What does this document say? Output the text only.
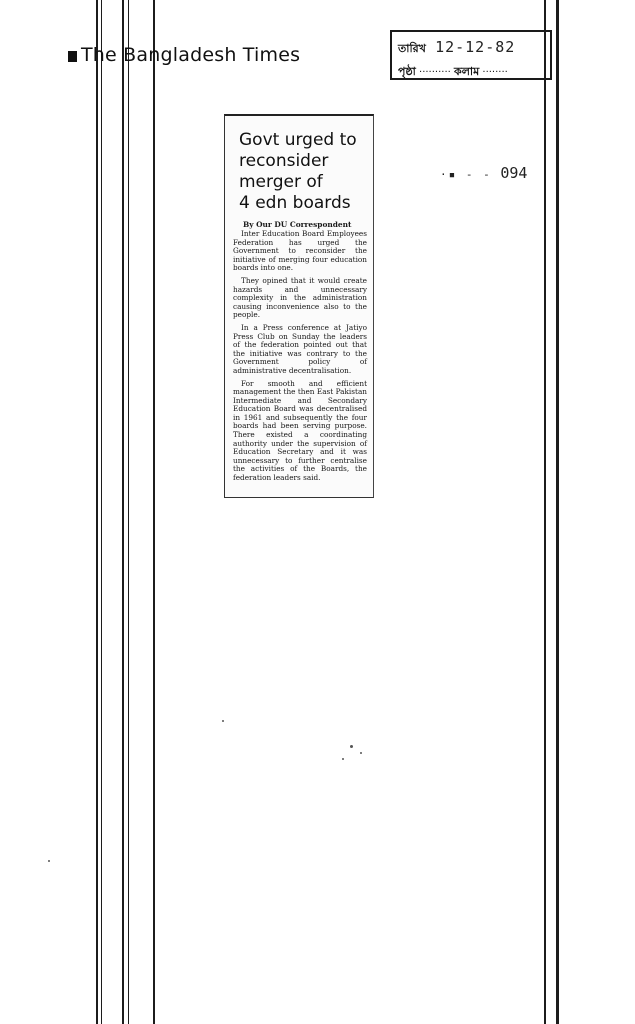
The Bangladesh Times	তারিখ 12-12-82
পৃষ্ঠা ·········· কলাম ········
·▪ - - 094
Govt urged to
reconsider
merger of
4 edn boards
By Our DU Correspondent

Inter Education Board Employees Federation has urged the Government to reconsider the initiative of merging four education boards into one.

They opined that it would create hazards and unnecessary complexity in the administration causing inconvenience also to the people.

In a Press conference at Jatiyo Press Club on Sunday the leaders of the federation pointed out that the initiative was contrary to the Government policy of administrative decentralisation.

For smooth and efficient management the then East Pakistan Intermediate and Secondary Education Board was decentralised in 1961 and subsequently the four boards had been serving purpose. There existed a coordinating authority under the supervision of Education Secretary and it was unnecessary to further centralise the activities of the Boards, the federation leaders said.
